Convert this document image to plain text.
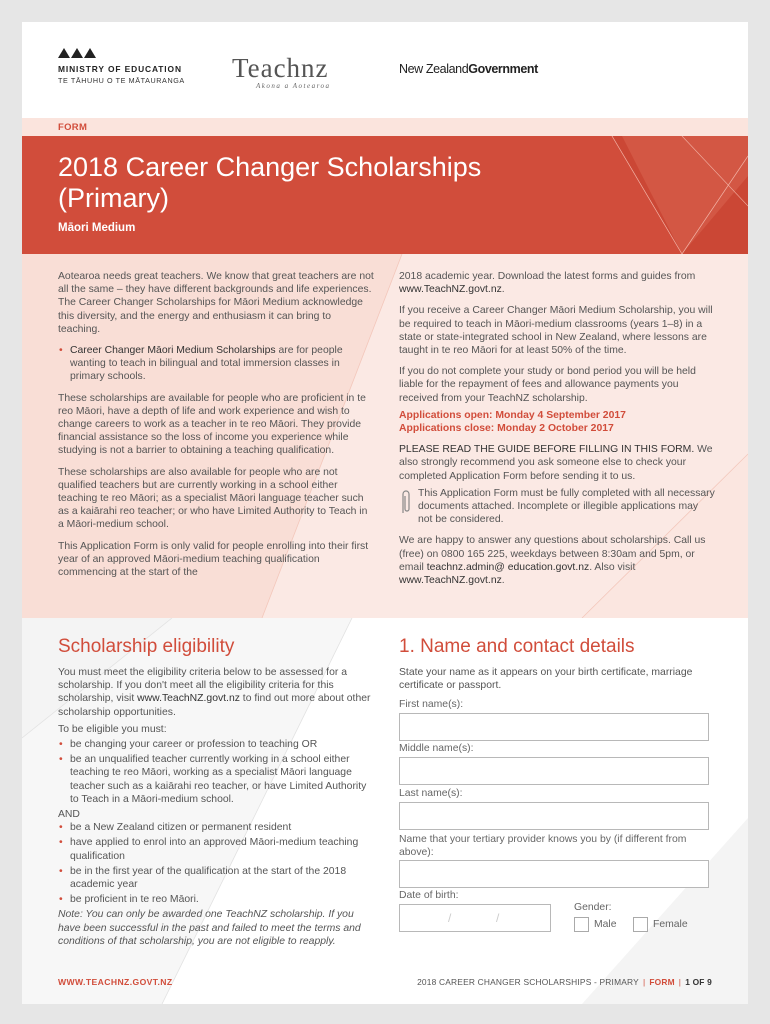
MINISTRY OF EDUCATION
TE TĀHUHU O TE MĀTAURANGA Teachnz
Akona a Aotearoa
New ZealandGovernment
FORM
2018 Career Changer Scholarships (Primary)
Māori Medium

Aotearoa needs great teachers. We know that great teachers are not all the same – they have different backgrounds and life experiences. The Career Changer Scholarships for Māori Medium acknowledge this diversity, and the energy and enthusiasm it can bring to teaching.

• Career Changer Māori Medium Scholarships are for people wanting to teach in bilingual and total immersion classes in primary schools.

These scholarships are available for people who are proficient in te reo Māori, have a depth of life and work experience and wish to change careers to work as a teacher in te reo Māori. They provide financial assistance so the loss of income you experience while studying is not a barrier to obtaining a teaching qualification.

These scholarships are also available for people who are not qualified teachers but are currently working in a school either teaching te reo Māori; as a specialist Māori language teacher such as a kaiārahi reo teacher; or who have Limited Authority to Teach in a Māori-medium school.

This Application Form is only valid for people enrolling into their first year of an approved Māori-medium teaching qualification commencing at the start of the

2018 academic year. Download the latest forms and guides from www.TeachNZ.govt.nz.

If you receive a Career Changer Māori Medium Scholarship, you will be required to teach in Māori-medium classrooms (years 1–8) in a state or state-integrated school in New Zealand, where lessons are taught in te reo Māori for at least 50% of the time.

If you do not complete your study or bond period you will be held liable for the repayment of fees and allowance payments you received from your TeachNZ scholarship.

Applications open: Monday 4 September 2017
Applications close: Monday 2 October 2017

PLEASE READ THE GUIDE BEFORE FILLING IN THIS FORM. We also strongly recommend you ask someone else to check your completed Application Form before sending it to us.

This Application Form must be fully completed with all necessary documents attached. Incomplete or illegible applications may not be considered.

We are happy to answer any questions about scholarships. Call us (free) on 0800 165 225, weekdays between 8:30am and 5pm, or email teachnz.admin@ education.govt.nz. Also visit www.TeachNZ.govt.nz.

Scholarship eligibility	1. Name and contact details

You must meet the eligibility criteria below to be assessed for a scholarship. If you don't meet all the eligibility criteria for this scholarship, visit www.TeachNZ.govt.nz to find out more about other scholarship opportunities.

To be eligible you must:

• be changing your career or profession to teaching OR
• be an unqualified teacher currently working in a school either teaching te reo Māori, working as a specialist Māori language teacher such as a kaiārahi reo teacher, or have Limited Authority to Teach in a Māori-medium school.
AND
• be a New Zealand citizen or permanent resident
• have applied to enrol into an approved Māori-medium teaching qualification
• be in the first year of the qualification at the start of the 2018 academic year
• be proficient in te reo Māori.

Note: You can only be awarded one TeachNZ scholarship. If you have been successful in the past and failed to meet the terms and conditions of that scholarship, you are not eligible to reapply.

State your name as it appears on your birth certificate, marriage certificate or passport.
First name(s):
Middle name(s):
Last name(s):
Name that your tertiary provider knows you by (if different from above):
Date of birth:
/	/
Gender:
Male	Female
WWW.TEACHNZ.GOVT.NZ	2018 CAREER CHANGER SCHOLARSHIPS - PRIMARY | FORM | 1 OF 9
